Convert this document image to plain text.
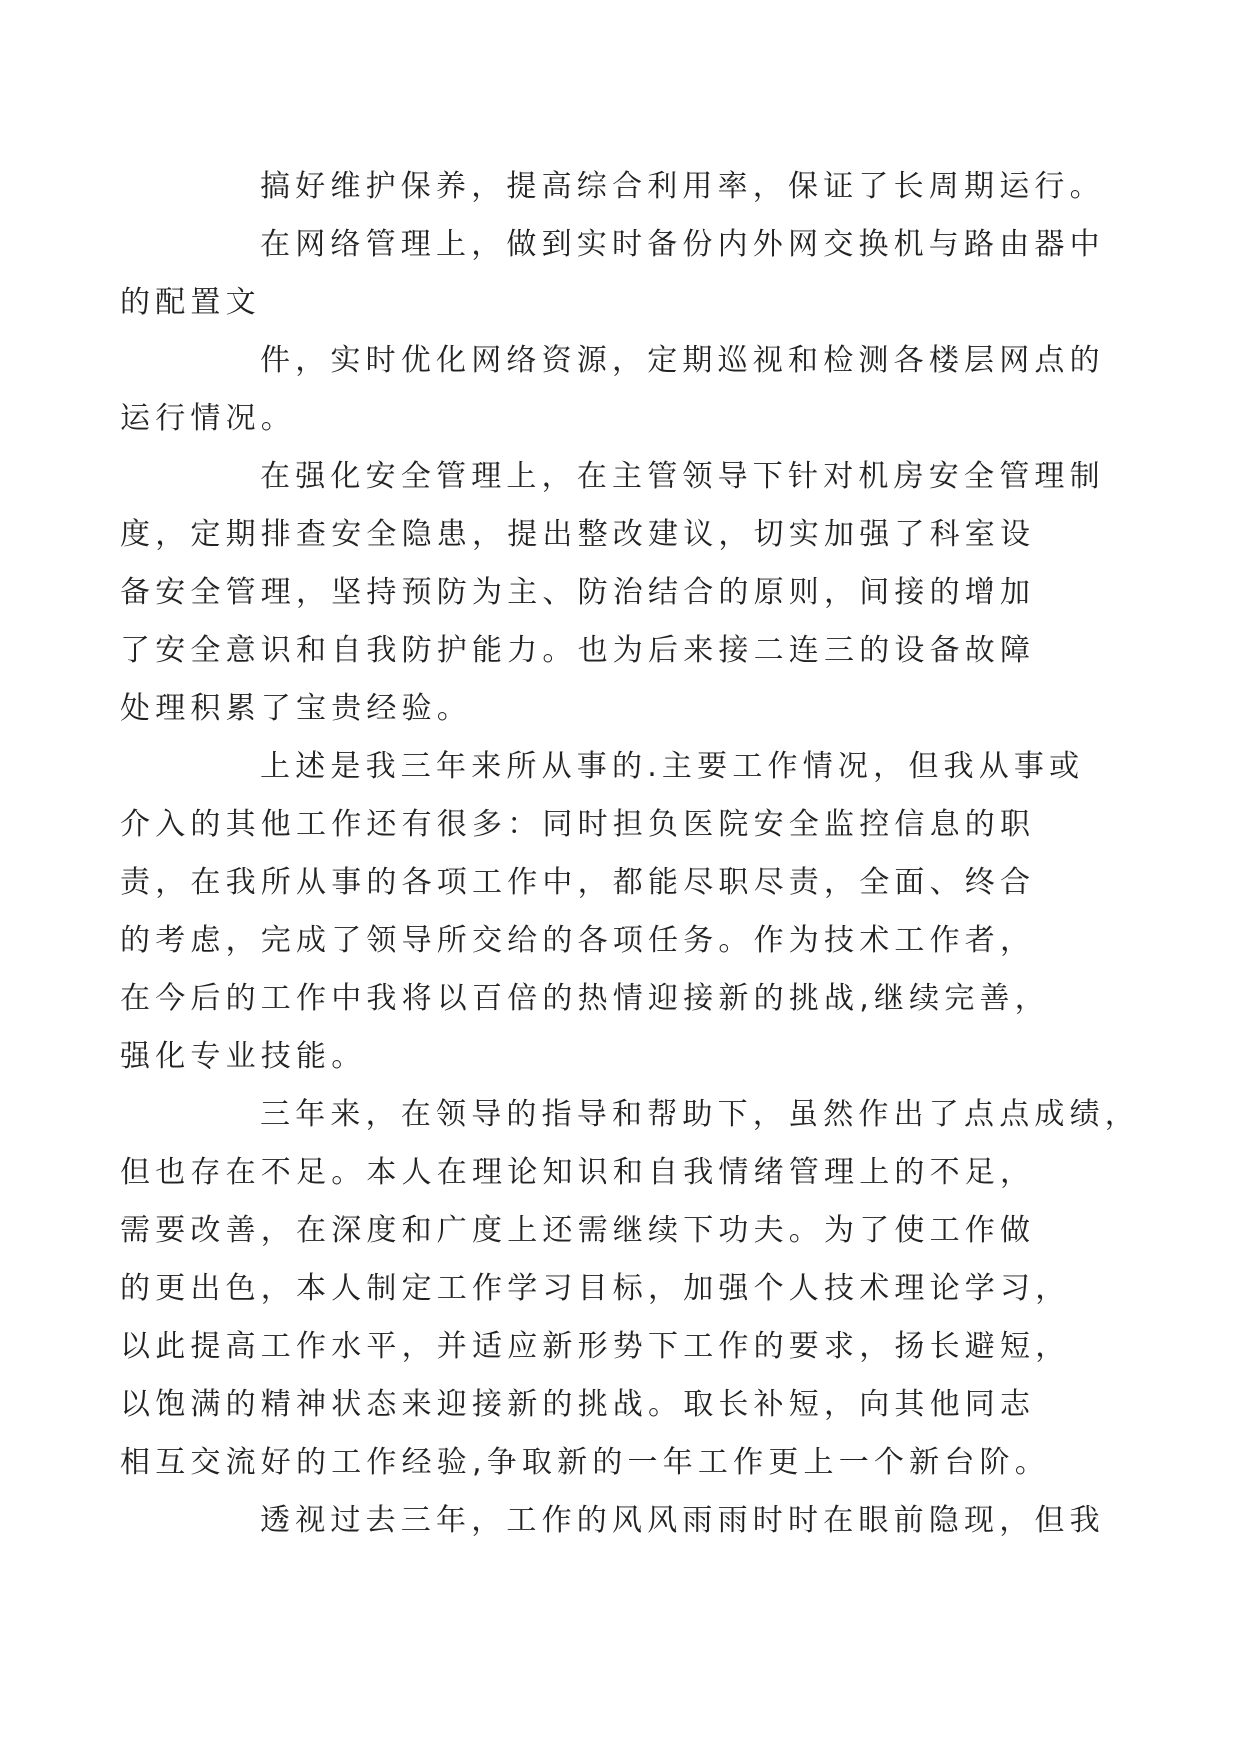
搞好维护保养，提高综合利用率，保证了长周期运行。

在网络管理上，做到实时备份内外网交换机与路由器中
的配置文

件，实时优化网络资源，定期巡视和检测各楼层网点的
运行情况。

在强化安全管理上，在主管领导下针对机房安全管理制
度，定期排查安全隐患，提出整改建议，切实加强了科室设
备安全管理，坚持预防为主、防治结合的原则，间接的增加
了安全意识和自我防护能力。也为后来接二连三的设备故障
处理积累了宝贵经验。

上述是我三年来所从事的.主要工作情况，但我从事或
介入的其他工作还有很多：同时担负医院安全监控信息的职
责，在我所从事的各项工作中，都能尽职尽责，全面、终合
的考虑，完成了领导所交给的各项任务。作为技术工作者，
在今后的工作中我将以百倍的热情迎接新的挑战,继续完善，
强化专业技能。

三年来，在领导的指导和帮助下，虽然作出了点点成绩，
但也存在不足。本人在理论知识和自我情绪管理上的不足，
需要改善，在深度和广度上还需继续下功夫。为了使工作做
的更出色，本人制定工作学习目标，加强个人技术理论学习，
以此提高工作水平，并适应新形势下工作的要求，扬长避短，
以饱满的精神状态来迎接新的挑战。取长补短，向其他同志
相互交流好的工作经验,争取新的一年工作更上一个新台阶。

透视过去三年，工作的风风雨雨时时在眼前隐现，但我
